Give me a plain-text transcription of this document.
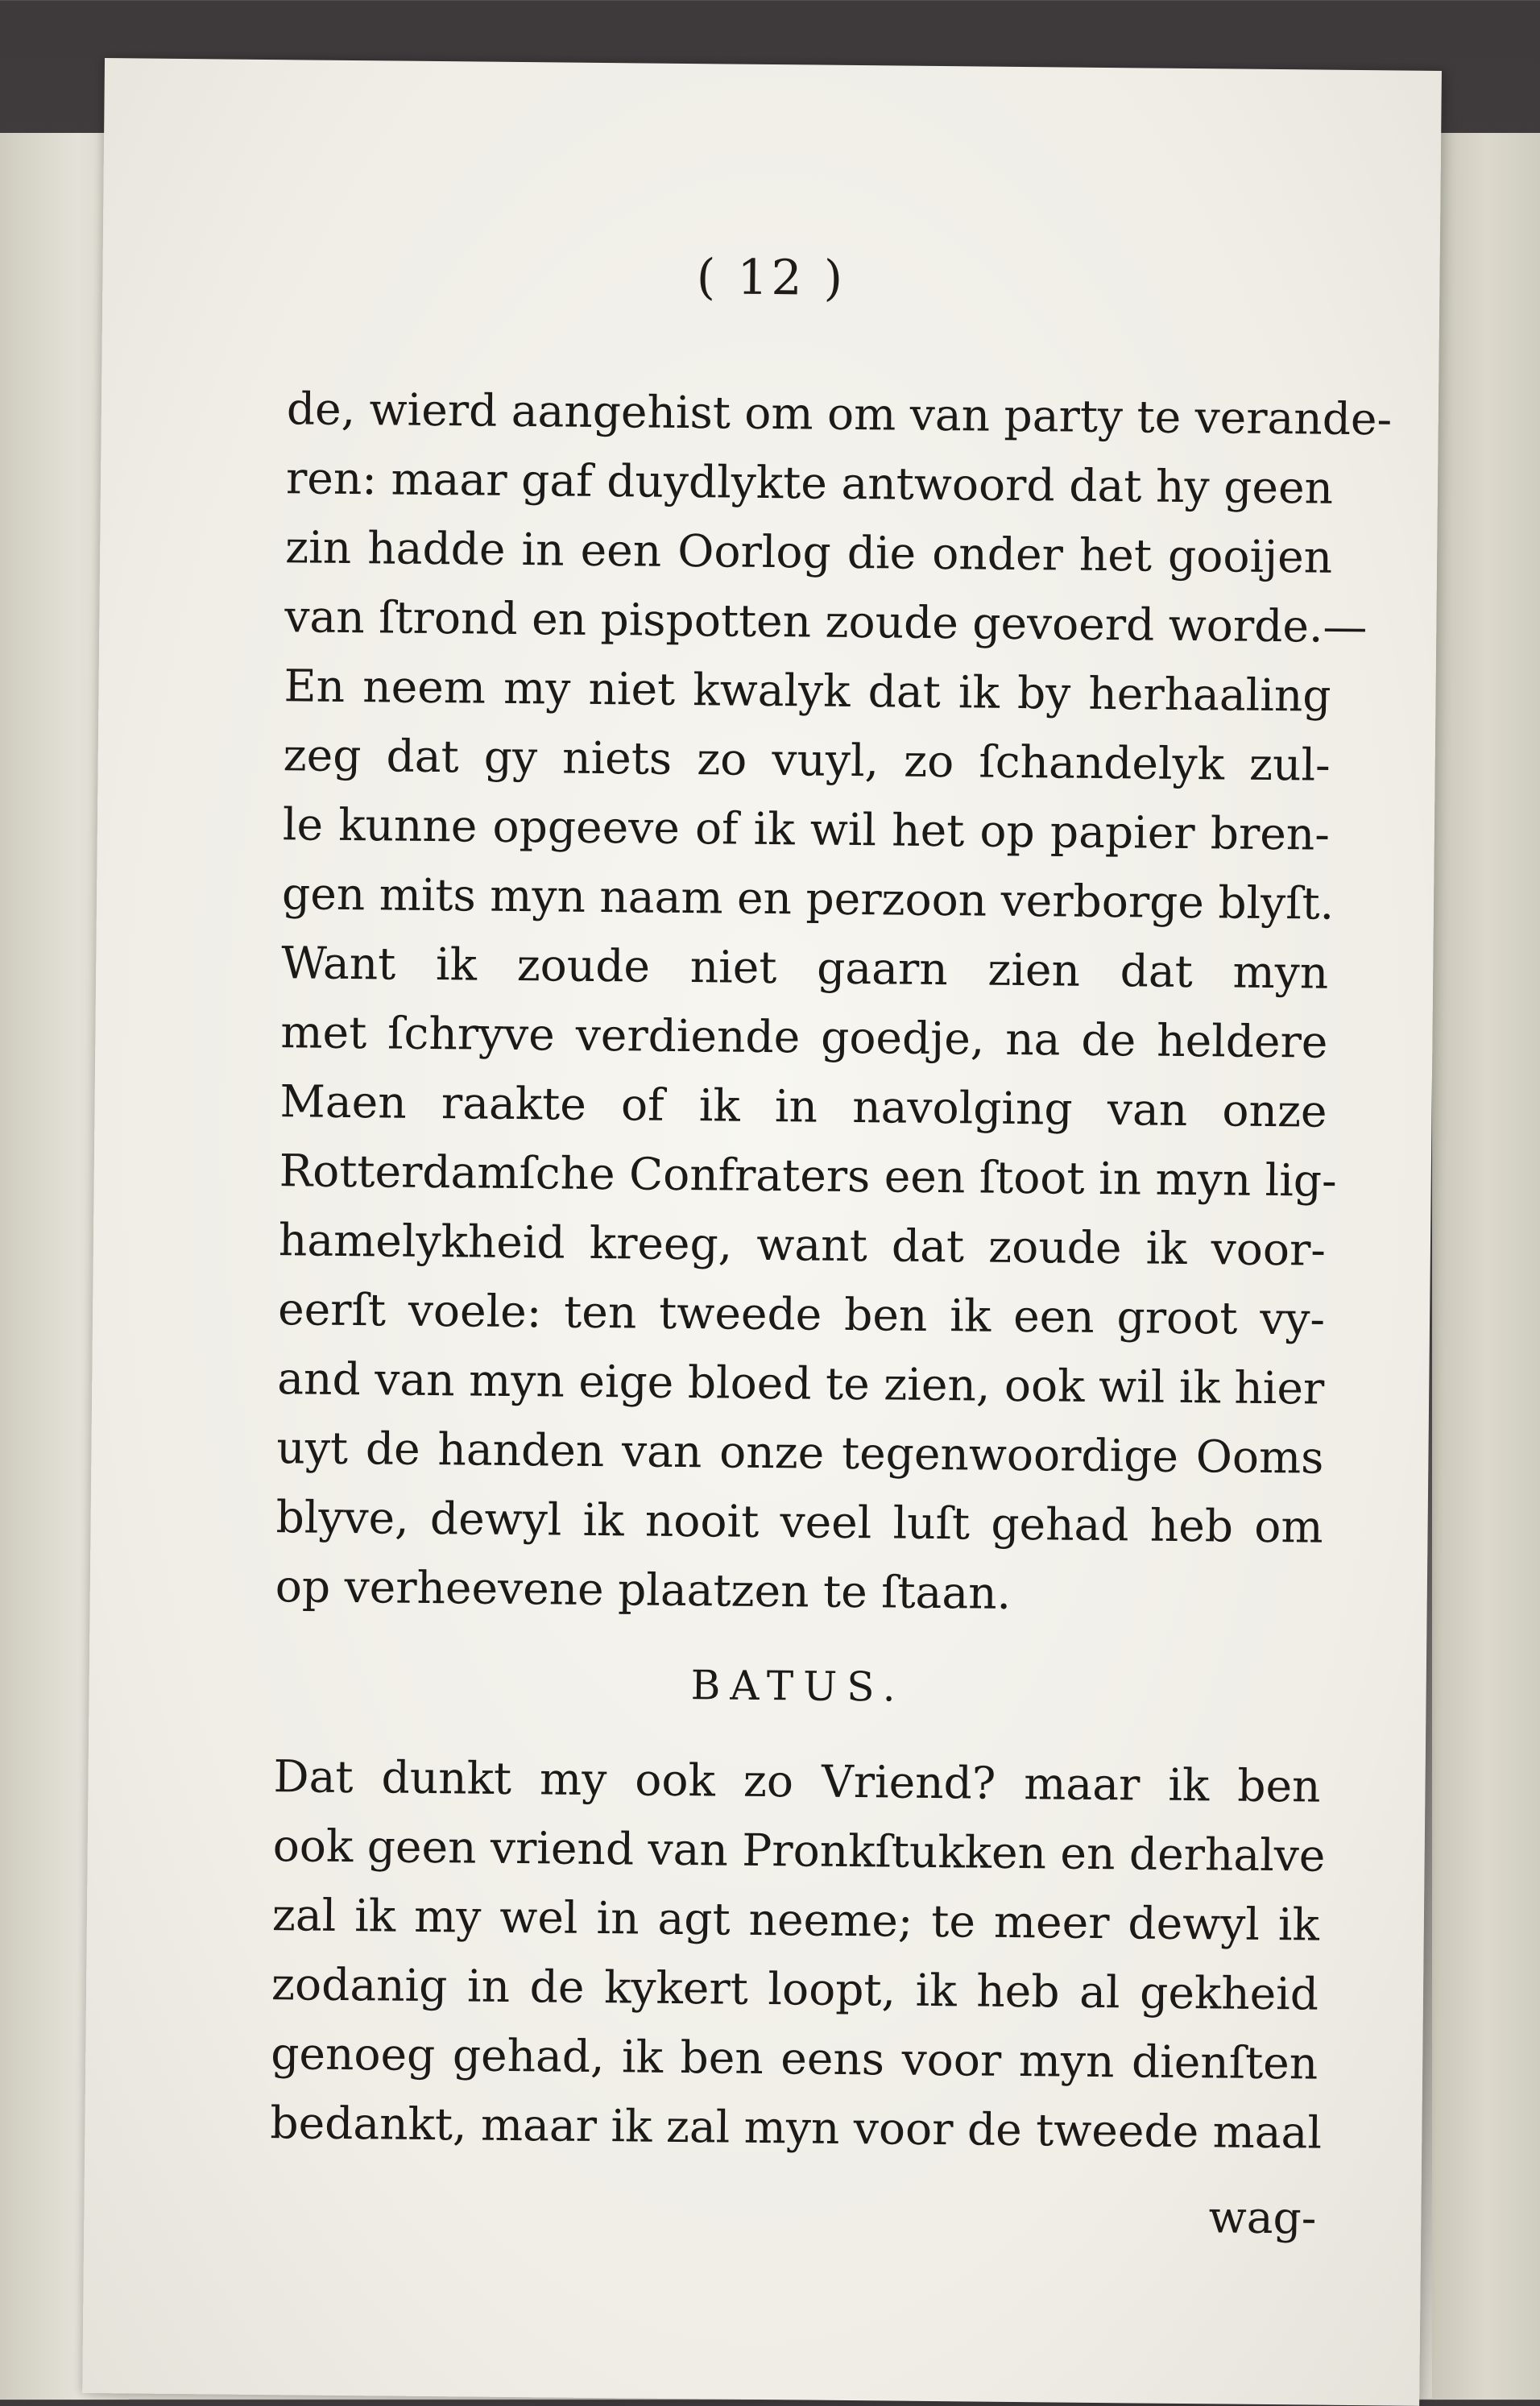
( 12 )
de, wierd aangehist om om van party te verande-
ren: maar gaf duydlykte antwoord dat hy geen
zin hadde in een Oorlog die onder het gooijen
van ſtrond en pispotten zoude gevoerd worde.—
En neem my niet kwalyk dat ik by herhaaling
zeg dat gy niets zo vuyl, zo ſchandelyk zul-
le kunne opgeeve of ik wil het op papier bren-
gen mits myn naam en perzoon verborge blyſt.
Want ik zoude niet gaarn zien dat myn
met ſchryve verdiende goedje, na de heldere
Maen raakte of ik in navolging van onze
Rotterdamſche Confraters een ſtoot in myn lig-
hamelykheid kreeg, want dat zoude ik voor-
eerſt voele: ten tweede ben ik een groot vy-
and van myn eige bloed te zien, ook wil ik hier
uyt de handen van onze tegenwoordige Ooms
blyve, dewyl ik nooit veel luſt gehad heb om
op verheevene plaatzen te ſtaan.
BATUS.
Dat dunkt my ook zo Vriend? maar ik ben
ook geen vriend van Pronkſtukken en derhalve
zal ik my wel in agt neeme; te meer dewyl ik
zodanig in de kykert loopt, ik heb al gekheid
genoeg gehad, ik ben eens voor myn dienſten
bedankt, maar ik zal myn voor de tweede maal
wag-
